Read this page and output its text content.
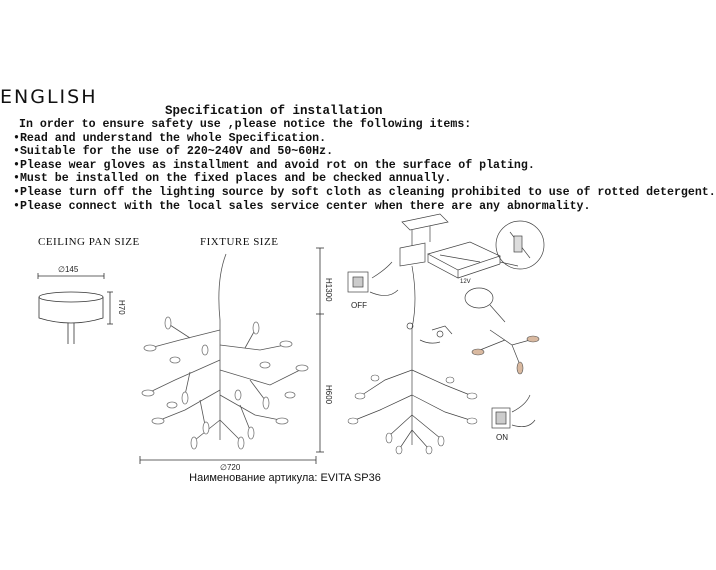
ENGLISH
Specification of installation
In order to ensure safety use ,please notice the following items:
•Read and understand the whole Specification.
•Suitable for the use of 220~240V and 50~60Hz.
•Please wear gloves as installment and avoid rot on the surface of plating.
•Must be installed on the fixed places and be checked annually.
•Please turn off the lighting source by soft cloth as cleaning prohibited to use of rotted detergent.
•Please connect with the local sales service center when there are any abnormality.
CEILING PAN SIZE	FIXTURE SIZE
∅145
H70
H1300
H600
∅720
OFF
ON
12V
Наименование артикула: EVITA SP36
